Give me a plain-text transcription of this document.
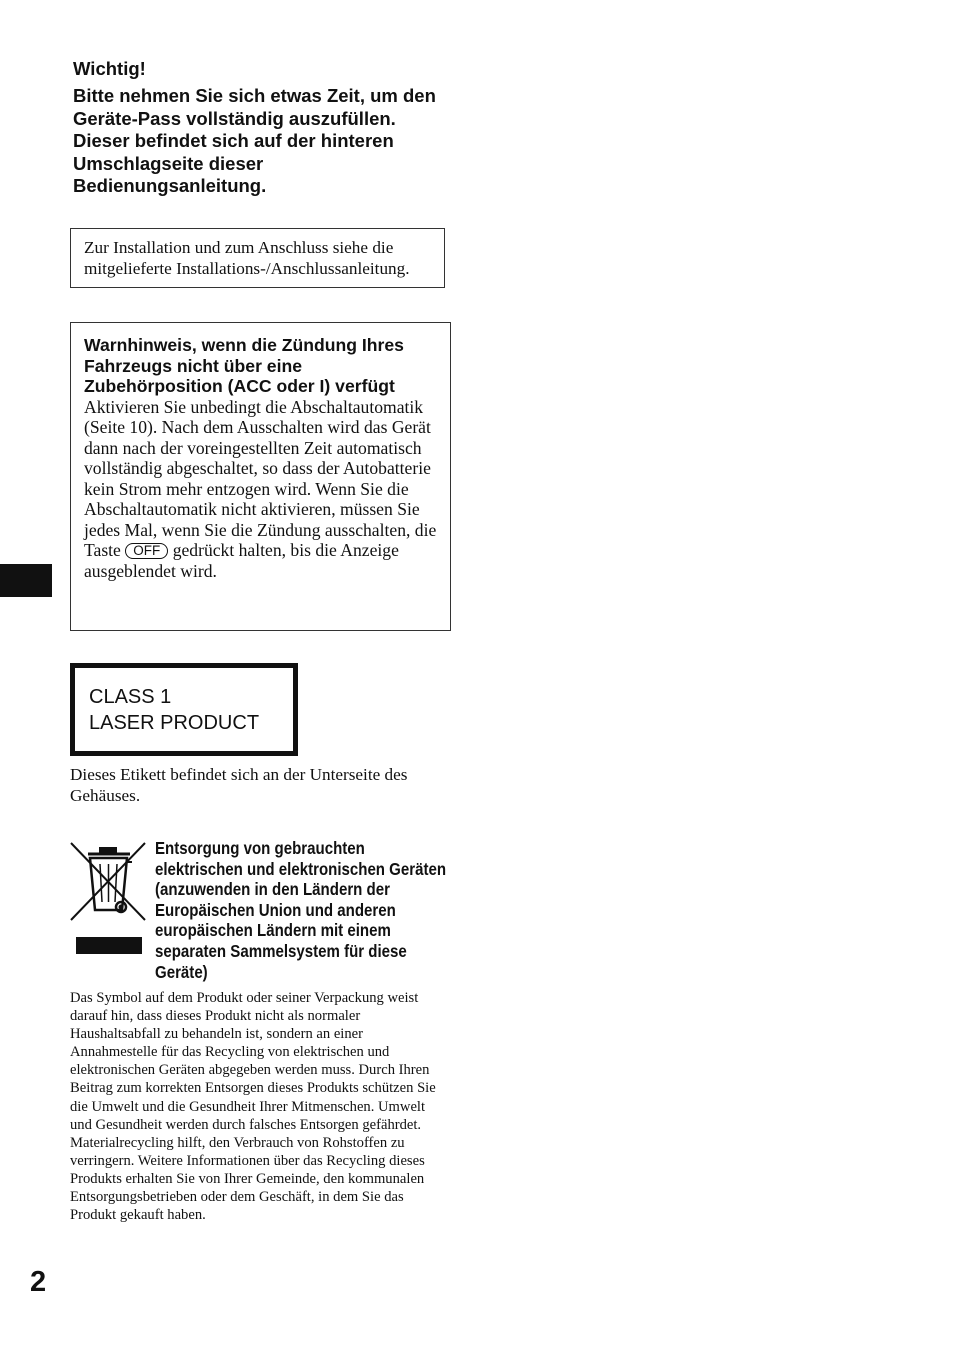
Wichtig!
Bitte nehmen Sie sich etwas Zeit, um den Geräte-Pass vollständig auszufüllen. Dieser befindet sich auf der hinteren Umschlagseite dieser Bedienungsanleitung.
Zur Installation und zum Anschluss siehe die mitgelieferte Installations-/Anschlussanleitung.
Warnhinweis, wenn die Zündung Ihres Fahrzeugs nicht über eine Zubehörposition (ACC oder I) verfügt
Aktivieren Sie unbedingt die Abschaltautomatik (Seite 10). Nach dem Ausschalten wird das Gerät dann nach der voreingestellten Zeit automatisch vollständig abgeschaltet, so dass der Autobatterie kein Strom mehr entzogen wird. Wenn Sie die Abschaltautomatik nicht aktivieren, müssen Sie jedes Mal, wenn Sie die Zündung ausschalten, die Taste OFF gedrückt halten, bis die Anzeige ausgeblendet wird.
CLASS 1
LASER PRODUCT
Dieses Etikett befindet sich an der Unterseite des Gehäuses.
Entsorgung von gebrauchten elektrischen und elektronischen Geräten (anzuwenden in den Ländern der Europäischen Union und anderen europäischen Ländern mit einem separaten Sammelsystem für diese Geräte)
Das Symbol auf dem Produkt oder seiner Verpackung weist darauf hin, dass dieses Produkt nicht als normaler Haushaltsabfall zu behandeln ist, sondern an einer Annahmestelle für das Recycling von elektrischen und elektronischen Geräten abgegeben werden muss. Durch Ihren Beitrag zum korrekten Entsorgen dieses Produkts schützen Sie die Umwelt und die Gesundheit Ihrer Mitmenschen. Umwelt und Gesundheit werden durch falsches Entsorgen gefährdet. Materialrecycling hilft, den Verbrauch von Rohstoffen zu verringern. Weitere Informationen über das Recycling dieses Produkts erhalten Sie von Ihrer Gemeinde, den kommunalen Entsorgungsbetrieben oder dem Geschäft, in dem Sie das Produkt gekauft haben.
2
